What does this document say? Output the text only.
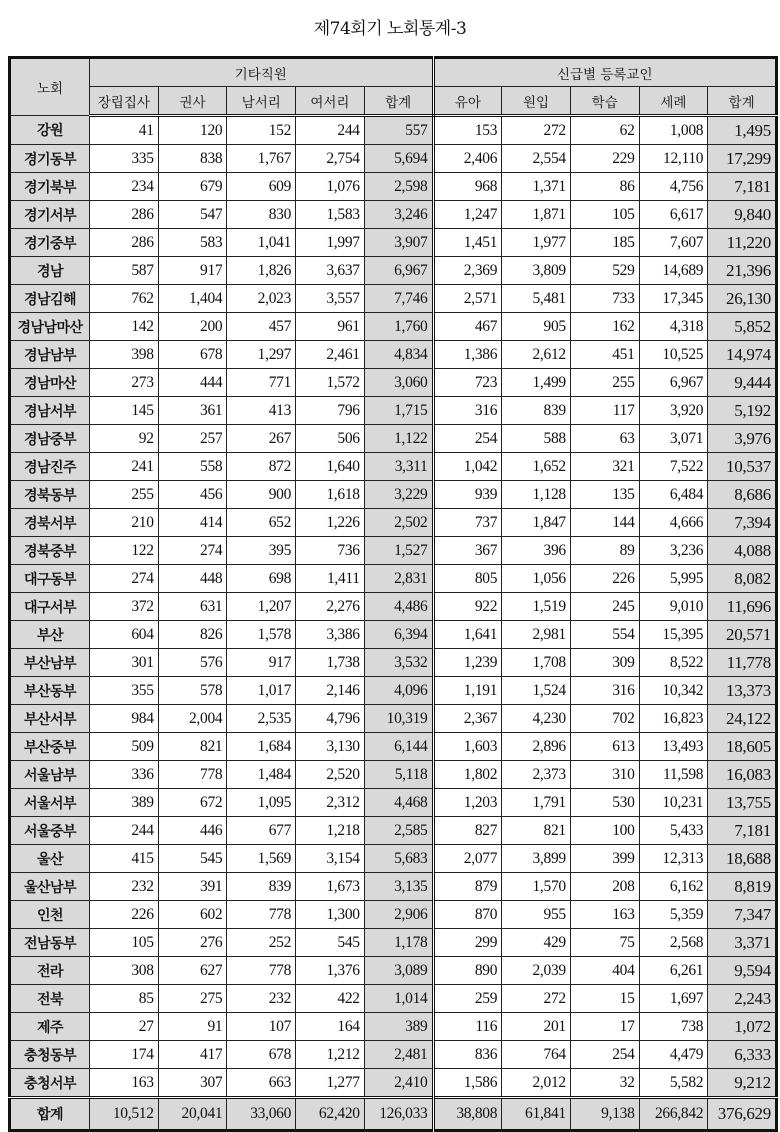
제74회기 노회통계-3
노회	기타직원					신급별 등록교인				
	장립집사	권사	남서리	여서리	합계	유아	원입	학습	세례	합계
강원	41	120	152	244	557	153	272	62	1,008	1,495
경기동부	335	838	1,767	2,754	5,694	2,406	2,554	229	12,110	17,299
경기북부	234	679	609	1,076	2,598	968	1,371	86	4,756	7,181
경기서부	286	547	830	1,583	3,246	1,247	1,871	105	6,617	9,840
경기중부	286	583	1,041	1,997	3,907	1,451	1,977	185	7,607	11,220
경남	587	917	1,826	3,637	6,967	2,369	3,809	529	14,689	21,396
경남김해	762	1,404	2,023	3,557	7,746	2,571	5,481	733	17,345	26,130
경남남마산	142	200	457	961	1,760	467	905	162	4,318	5,852
경남남부	398	678	1,297	2,461	4,834	1,386	2,612	451	10,525	14,974
경남마산	273	444	771	1,572	3,060	723	1,499	255	6,967	9,444
경남서부	145	361	413	796	1,715	316	839	117	3,920	5,192
경남중부	92	257	267	506	1,122	254	588	63	3,071	3,976
경남진주	241	558	872	1,640	3,311	1,042	1,652	321	7,522	10,537
경북동부	255	456	900	1,618	3,229	939	1,128	135	6,484	8,686
경북서부	210	414	652	1,226	2,502	737	1,847	144	4,666	7,394
경북중부	122	274	395	736	1,527	367	396	89	3,236	4,088
대구동부	274	448	698	1,411	2,831	805	1,056	226	5,995	8,082
대구서부	372	631	1,207	2,276	4,486	922	1,519	245	9,010	11,696
부산	604	826	1,578	3,386	6,394	1,641	2,981	554	15,395	20,571
부산남부	301	576	917	1,738	3,532	1,239	1,708	309	8,522	11,778
부산동부	355	578	1,017	2,146	4,096	1,191	1,524	316	10,342	13,373
부산서부	984	2,004	2,535	4,796	10,319	2,367	4,230	702	16,823	24,122
부산중부	509	821	1,684	3,130	6,144	1,603	2,896	613	13,493	18,605
서울남부	336	778	1,484	2,520	5,118	1,802	2,373	310	11,598	16,083
서울서부	389	672	1,095	2,312	4,468	1,203	1,791	530	10,231	13,755
서울중부	244	446	677	1,218	2,585	827	821	100	5,433	7,181
울산	415	545	1,569	3,154	5,683	2,077	3,899	399	12,313	18,688
울산남부	232	391	839	1,673	3,135	879	1,570	208	6,162	8,819
인천	226	602	778	1,300	2,906	870	955	163	5,359	7,347
전남동부	105	276	252	545	1,178	299	429	75	2,568	3,371
전라	308	627	778	1,376	3,089	890	2,039	404	6,261	9,594
전북	85	275	232	422	1,014	259	272	15	1,697	2,243
제주	27	91	107	164	389	116	201	17	738	1,072
충청동부	174	417	678	1,212	2,481	836	764	254	4,479	6,333
충청서부	163	307	663	1,277	2,410	1,586	2,012	32	5,582	9,212
합계	10,512	20,041	33,060	62,420	126,033	38,808	61,841	9,138	266,842	376,629
